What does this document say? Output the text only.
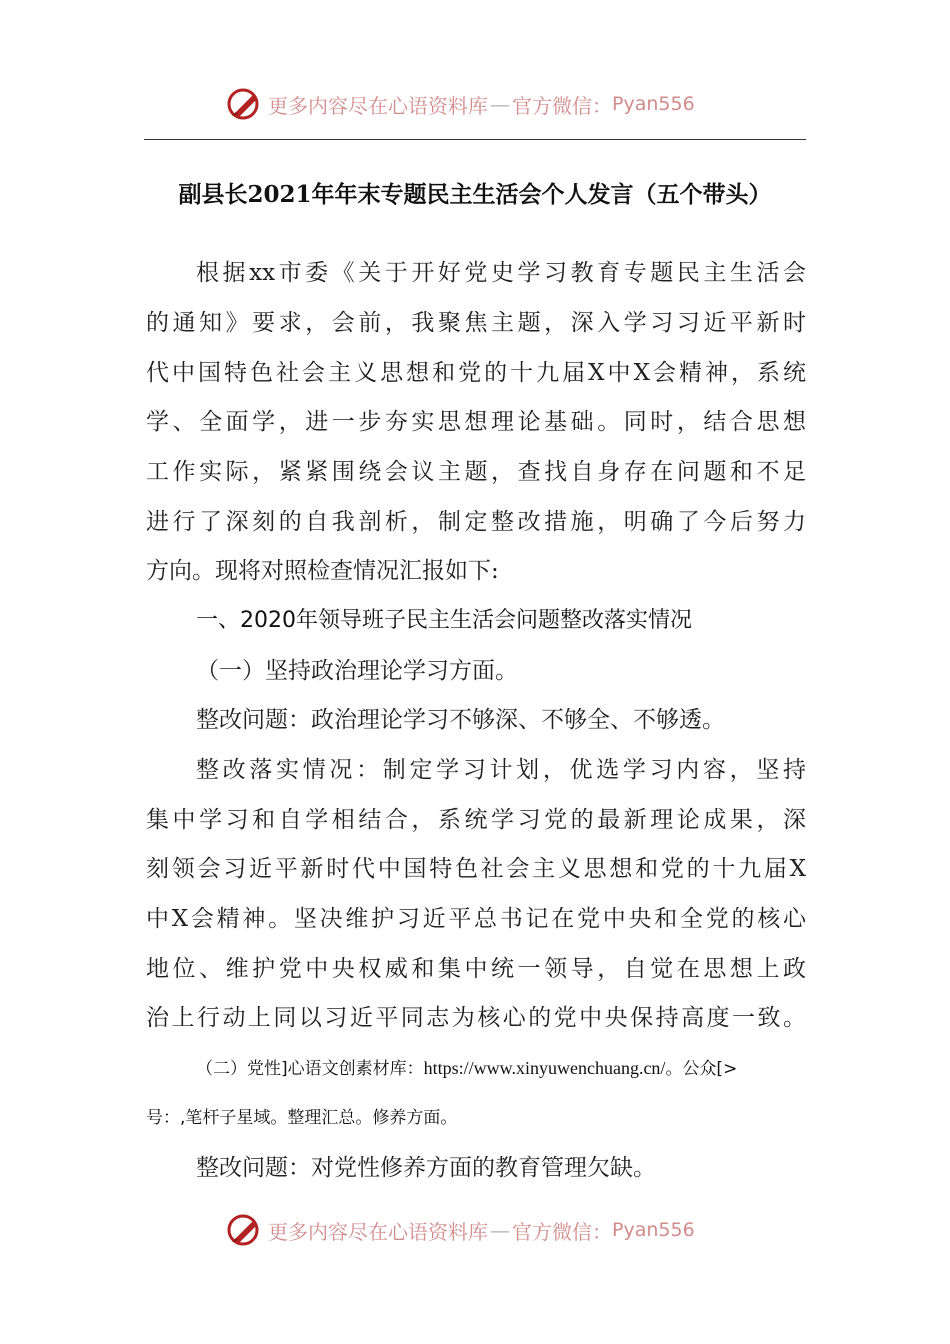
更多内容尽在心语资料库 — 官方微信： Pyan556
副县长2021年年末专题民主生活会个人发言（五个带头）
根据xx市委《关于开好党史学习教育专题民主生活会
的通知》要求，会前，我聚焦主题，深入学习习近平新时
代中国特色社会主义思想和党的十九届X中X会精神，系统
学、全面学，进一步夯实思想理论基础。同时，结合思想
工作实际，紧紧围绕会议主题，查找自身存在问题和不足
进行了深刻的自我剖析，制定整改措施，明确了今后努力
方向。现将对照检查情况汇报如下:
一、2020年领导班子民主生活会问题整改落实情况
（一）坚持政治理论学习方面。
整改问题：政治理论学习不够深、不够全、不够透。
整改落实情况：制定学习计划，优选学习内容，坚持
集中学习和自学相结合，系统学习党的最新理论成果，深
刻领会习近平新时代中国特色社会主义思想和党的十九届X
中X会精神。坚决维护习近平总书记在党中央和全党的核心
地位、维护党中央权威和集中统一领导，自觉在思想上政
治上行动上同以习近平同志为核心的党中央保持高度一致。
（二）党性]心语文创素材库：https://www.xinyuwenchuang.cn/。公众[>
号：,笔杆子星域。整理汇总。修养方面。
整改问题：对党性修养方面的教育管理欠缺。
更多内容尽在心语资料库 — 官方微信： Pyan556
